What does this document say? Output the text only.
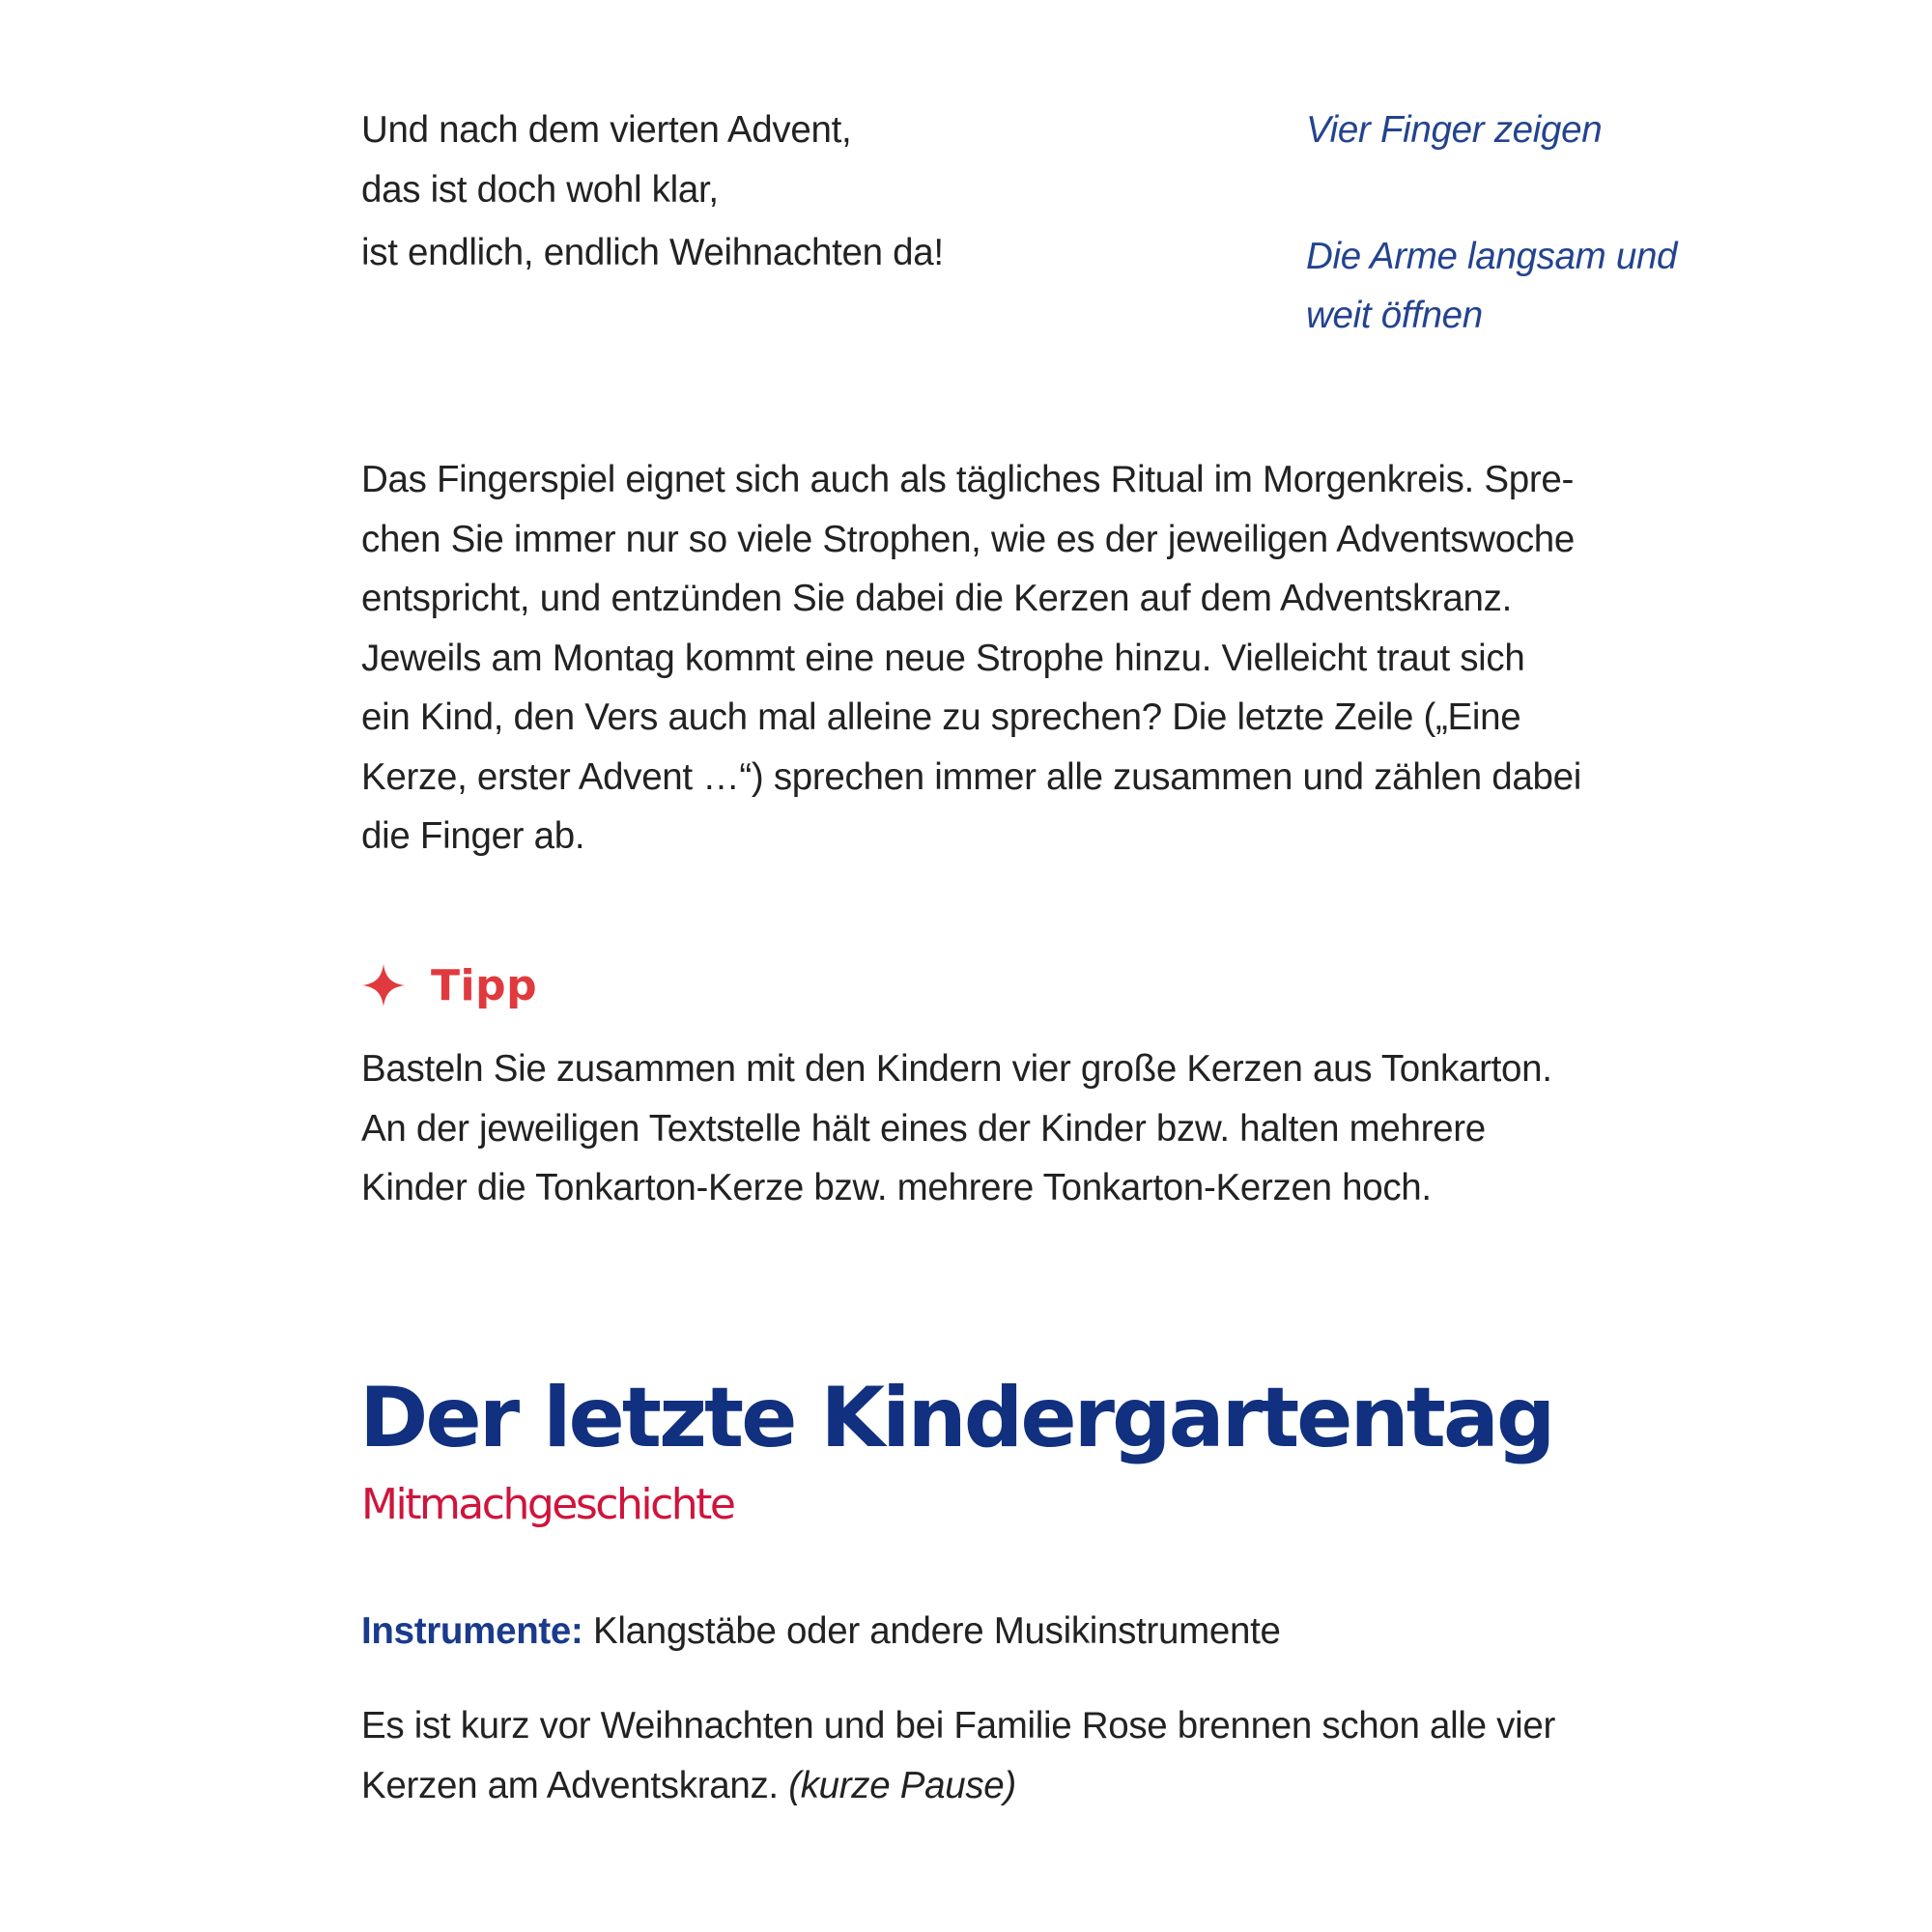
Und nach dem vierten Advent,
das ist doch wohl klar,
ist endlich, endlich Weihnachten da!
Vier Finger zeigen
Die Arme langsam und
weit öffnen
Das Fingerspiel eignet sich auch als tägliches Ritual im Morgenkreis. Spre-
chen Sie immer nur so viele Strophen, wie es der jeweiligen Adventswoche
entspricht, und entzünden Sie dabei die Kerzen auf dem Adventskranz.
Jeweils am Montag kommt eine neue Strophe hinzu. Vielleicht traut sich
ein Kind, den Vers auch mal alleine zu sprechen? Die letzte Zeile („Eine
Kerze, erster Advent …“) sprechen immer alle zusammen und zählen dabei
die Finger ab.
Tipp
Basteln Sie zusammen mit den Kindern vier große Kerzen aus Tonkarton.
An der jeweiligen Textstelle hält eines der Kinder bzw. halten mehrere
Kinder die Tonkarton-Kerze bzw. mehrere Tonkarton-Kerzen hoch.
Der letzte Kindergartentag
Mitmachgeschichte
Instrumente: Klangstäbe oder andere Musikinstrumente
Es ist kurz vor Weihnachten und bei Familie Rose brennen schon alle vier
Kerzen am Adventskranz. (kurze Pause)
